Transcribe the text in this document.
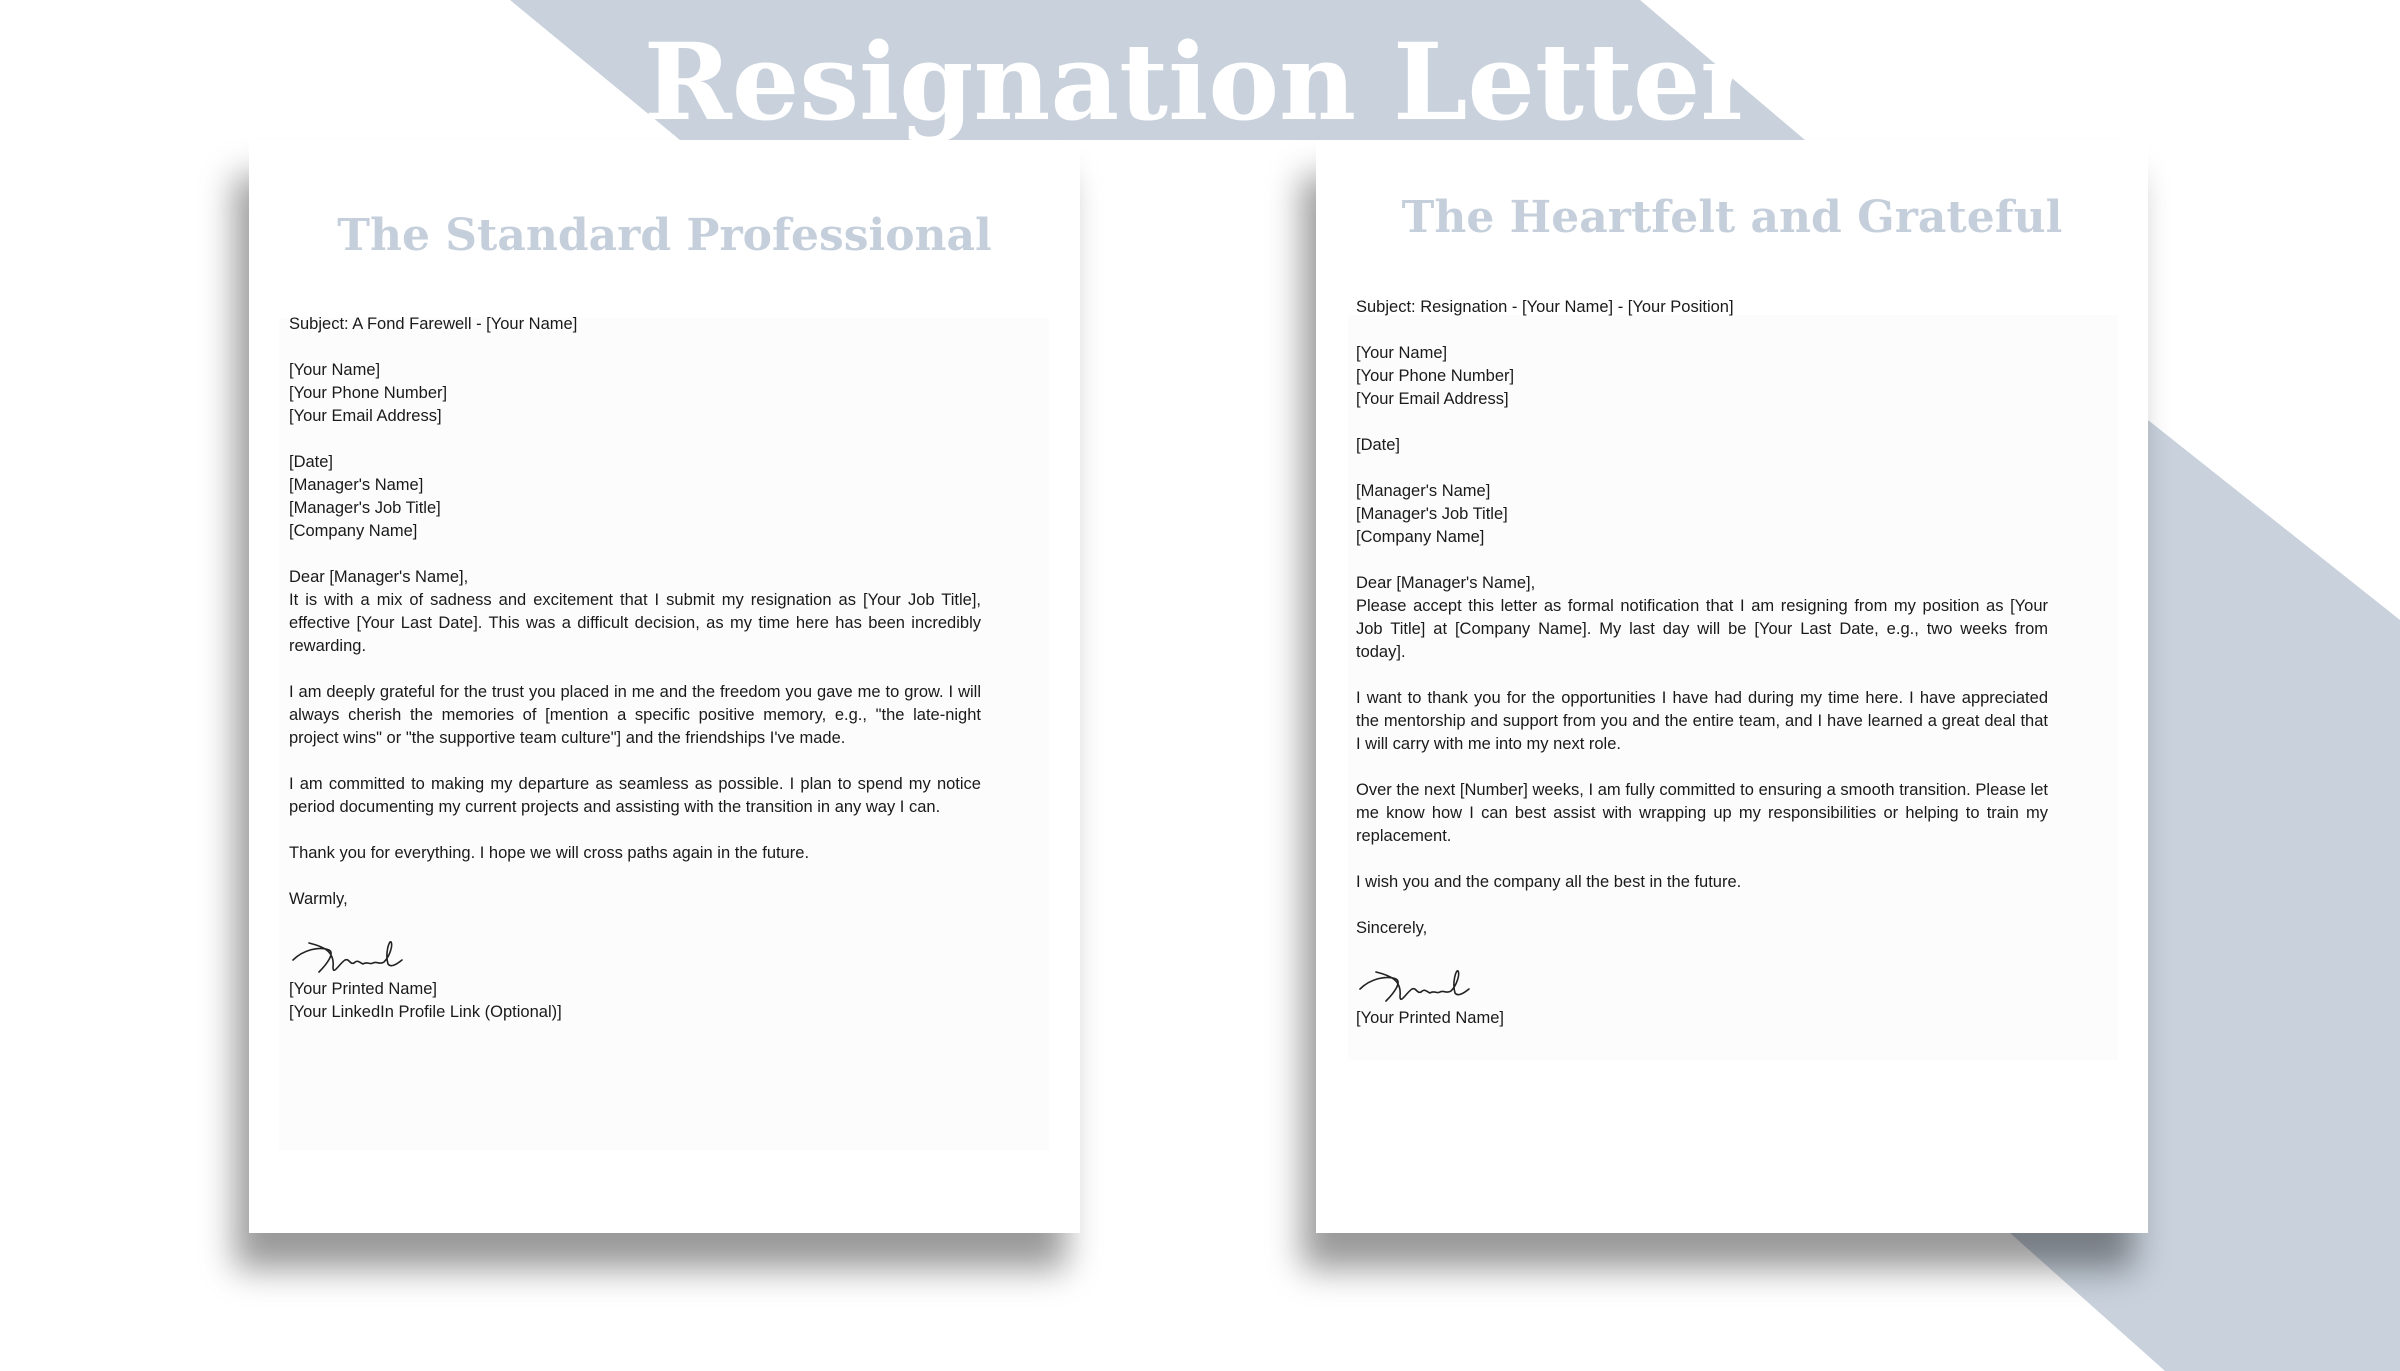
Resignation Letter
The Standard Professional

Subject: A Fond Farewell - [Your Name]

[Your Name]

[Your Phone Number]

[Your Email Address]

[Date]

[Manager's Name]

[Manager's Job Title]

[Company Name]

Dear [Manager's Name],

It is with a mix of sadness and excitement that I submit my resignation as [Your Job Title], effective [Your Last Date]. This was a difficult decision, as my time here has been incredibly rewarding.

I am deeply grateful for the trust you placed in me and the freedom you gave me to grow. I will always cherish the memories of [mention a specific positive memory, e.g., "the late-night project wins" or "the supportive team culture"] and the friendships I've made.

I am committed to making my departure as seamless as possible. I plan to spend my notice period documenting my current projects and assisting with the transition in any way I can.

Thank you for everything. I hope we will cross paths again in the future.

Warmly,

[Your Printed Name]

[Your LinkedIn Profile Link (Optional)]

The Heartfelt and Grateful

Subject: Resignation - [Your Name] - [Your Position]

[Your Name]

[Your Phone Number]

[Your Email Address]

[Date]

[Manager's Name]

[Manager's Job Title]

[Company Name]

Dear [Manager's Name],

Please accept this letter as formal notification that I am resigning from my position as [Your Job Title] at [Company Name]. My last day will be [Your Last Date, e.g., two weeks from today].

I want to thank you for the opportunities I have had during my time here. I have appreciated the mentorship and support from you and the entire team, and I have learned a great deal that I will carry with me into my next role.

Over the next [Number] weeks, I am fully committed to ensuring a smooth transition. Please let me know how I can best assist with wrapping up my responsibilities or helping to train my replacement.

I wish you and the company all the best in the future.

Sincerely,

[Your Printed Name]
